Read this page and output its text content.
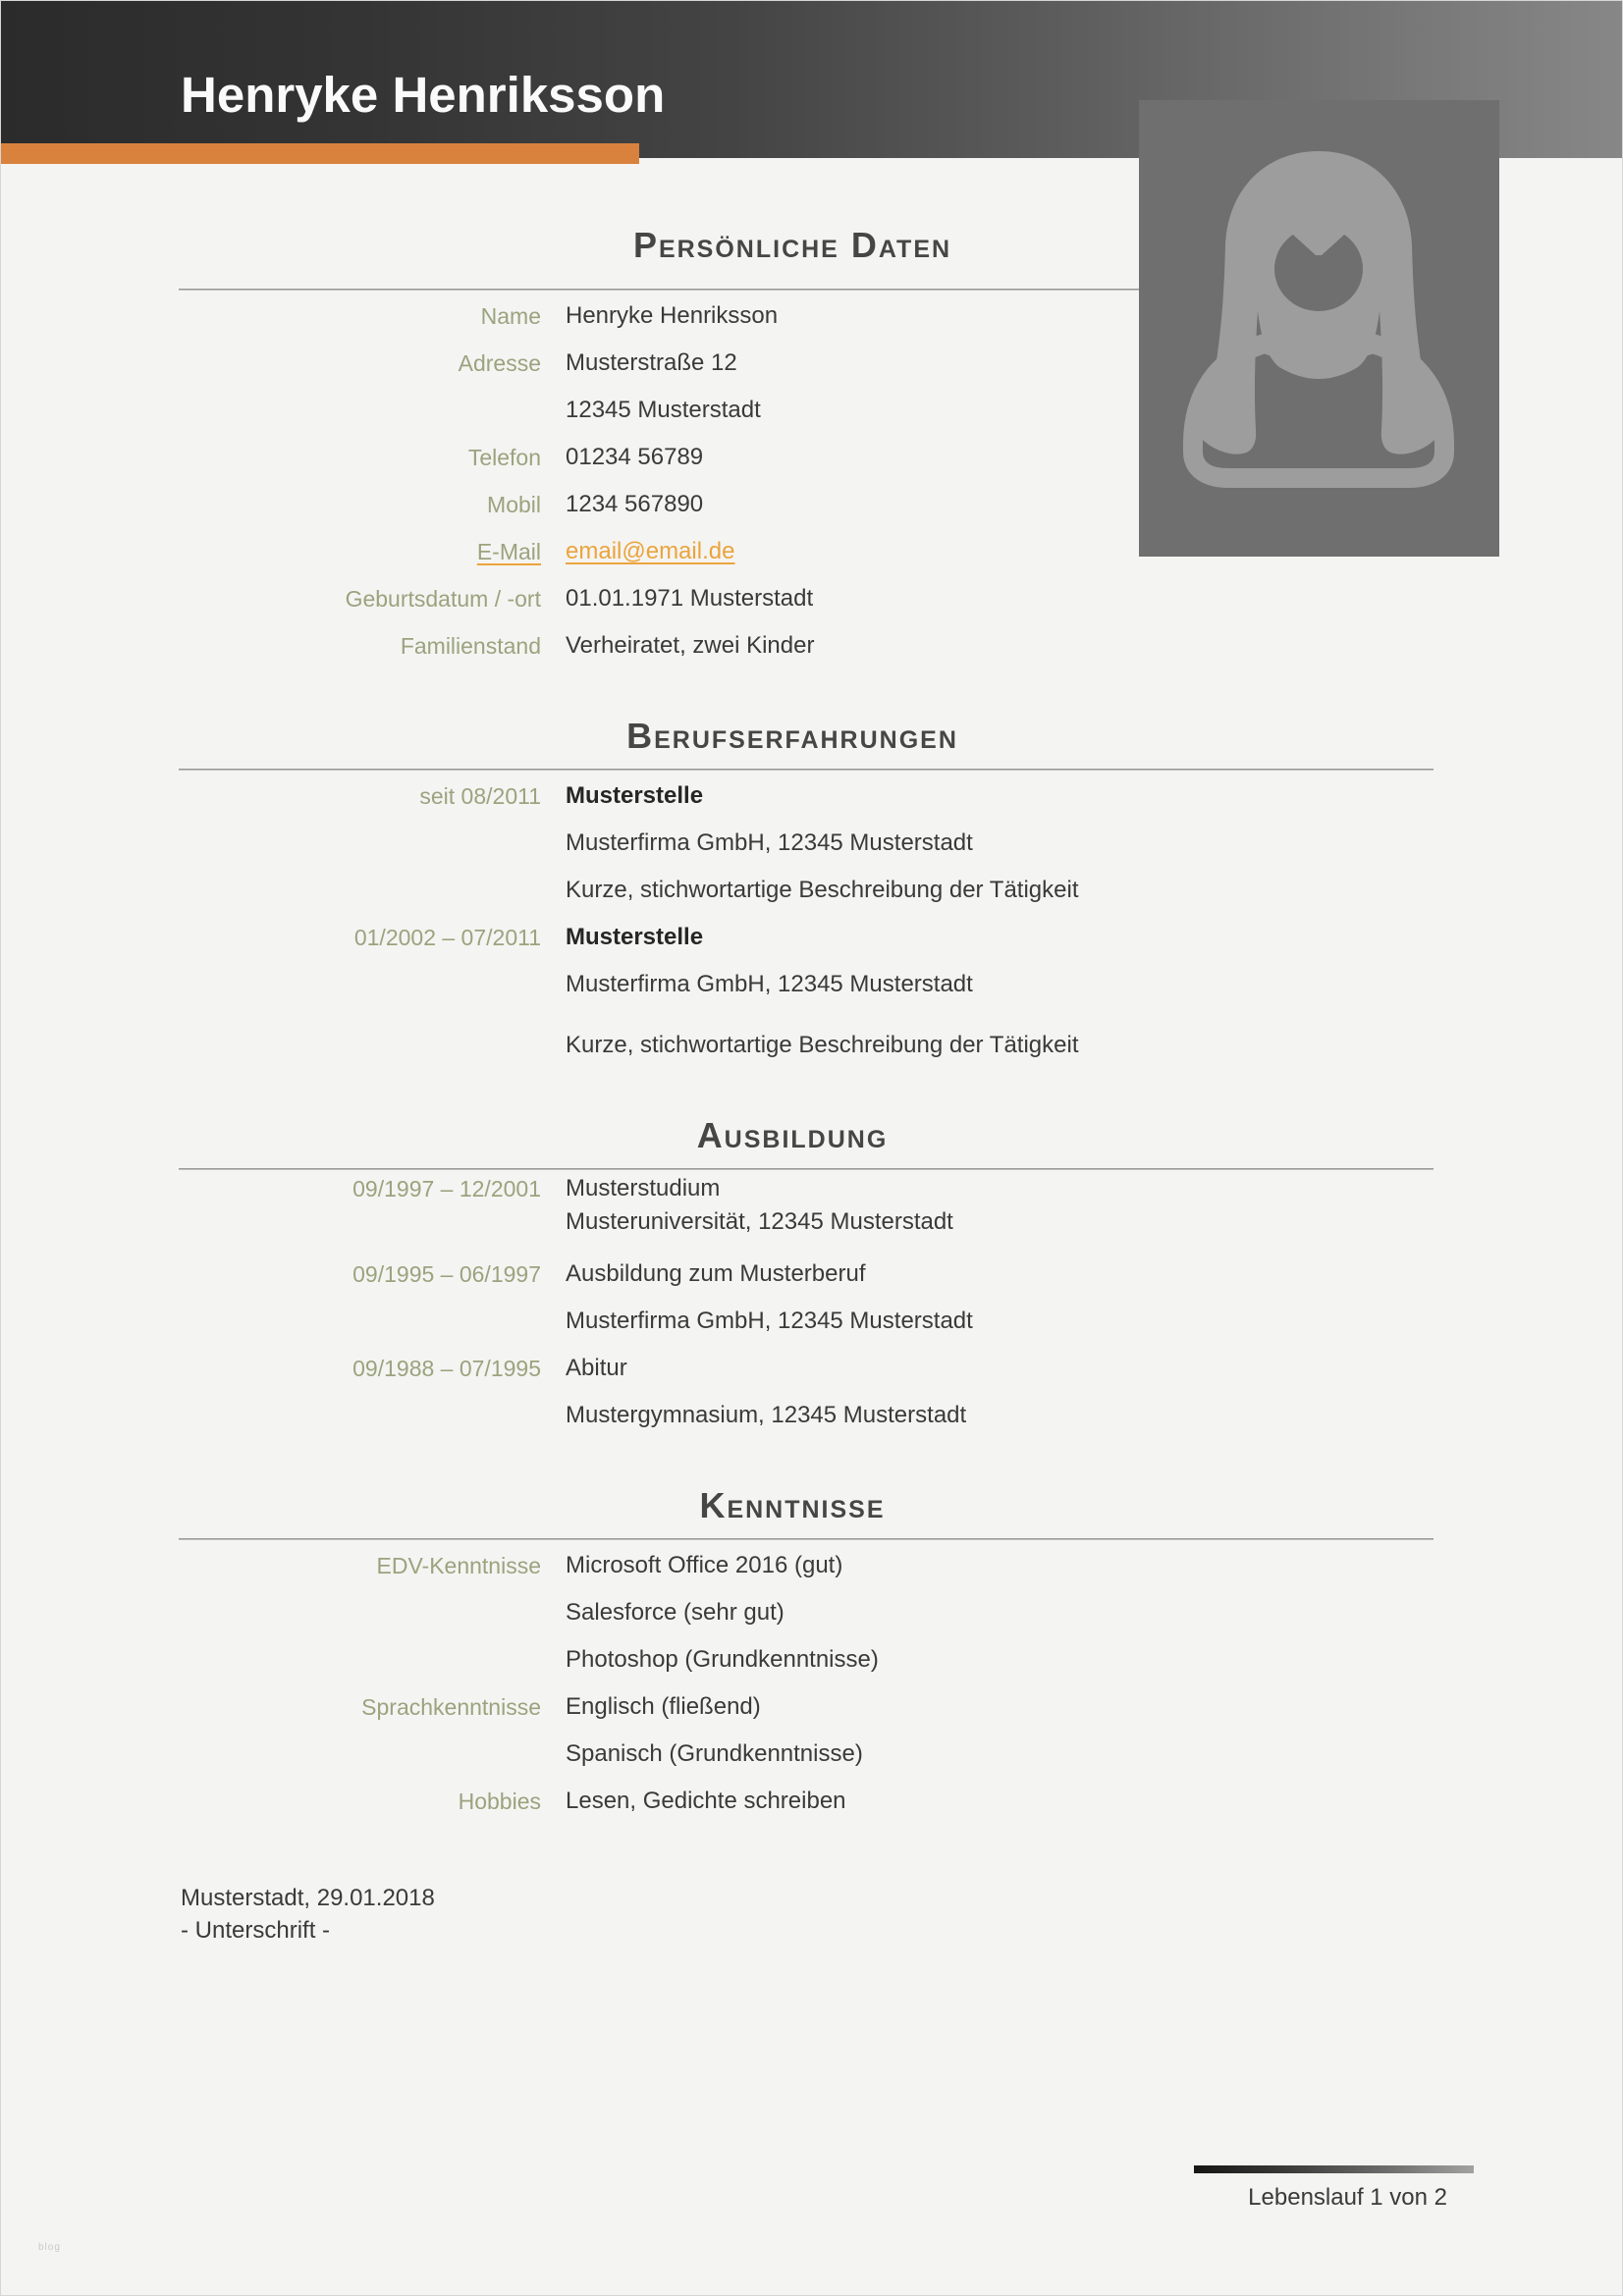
Henryke Henriksson
Persönliche Daten
Name Henryke Henriksson
Adresse Musterstraße 12
12345 Musterstadt
Telefon 01234 56789
Mobil 1234 567890
E-Mail email@email.de
Geburtsdatum / -ort 01.01.1971 Musterstadt
Familienstand Verheiratet, zwei Kinder
Berufserfahrungen
seit 08/2011 Musterstelle
Musterfirma GmbH, 12345 Musterstadt
Kurze, stichwortartige Beschreibung der Tätigkeit
01/2002 – 07/2011 Musterstelle
Musterfirma GmbH, 12345 Musterstadt
Kurze, stichwortartige Beschreibung der Tätigkeit
Ausbildung
09/1997 – 12/2001 Musterstudium
Musteruniversität, 12345 Musterstadt
09/1995 – 06/1997 Ausbildung zum Musterberuf
Musterfirma GmbH, 12345 Musterstadt
09/1988 – 07/1995 Abitur
Mustergymnasium, 12345 Musterstadt
Kenntnisse
EDV-Kenntnisse Microsoft Office 2016 (gut)
Salesforce (sehr gut)
Photoshop (Grundkenntnisse)
Sprachkenntnisse Englisch (fließend)
Spanisch (Grundkenntnisse)
Hobbies Lesen, Gedichte schreiben
Musterstadt, 29.01.2018
- Unterschrift -
Lebenslauf 1 von 2
blog
